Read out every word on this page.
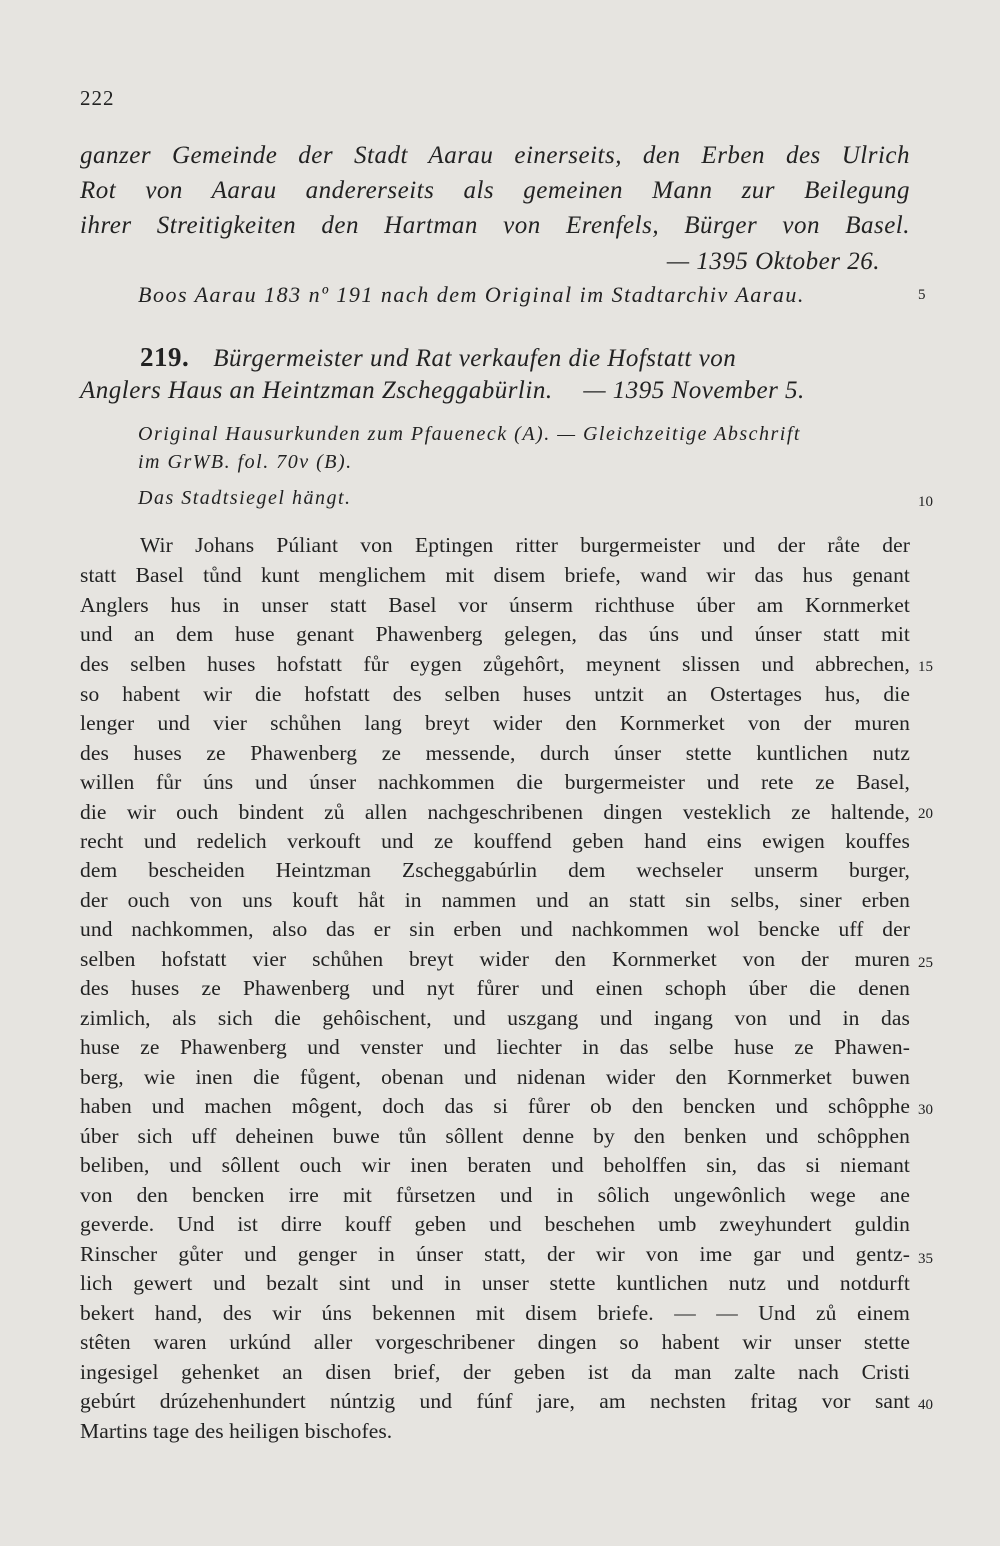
222
ganzer Gemeinde der Stadt Aarau einerseits, den Erben des Ulrich
Rot von Aarau andererseits als gemeinen Mann zur Beilegung
ihrer Streitigkeiten den Hartman von Erenfels, Bürger von Basel.
— 1395 Oktober 26.
Boos Aarau 183 nº 191 nach dem Original im Stadtarchiv Aarau.	5
219. Bürgermeister und Rat verkaufen die Hofstatt von
Anglers Haus an Heintzman Zscheggabürlin. — 1395 November 5.
Original Hausurkunden zum Pfaueneck (A). — Gleichzeitige Abschrift
im GrWB. fol. 70v (B).
Das Stadtsiegel hängt.	10
Wir Johans Púliant von Eptingen ritter burgermeister und der råte der
statt Basel tůnd kunt menglichem mit disem briefe, wand wir das hus genant
Anglers hus in unser statt Basel vor únserm richthuse úber am Kornmerket
und an dem huse genant Phawenberg gelegen, das úns und únser statt mit
des selben huses hofstatt fůr eygen zůgehôrt, meynent slissen und abbrechen, 15
so habent wir die hofstatt des selben huses untzit an Ostertages hus, die
lenger und vier schůhen lang breyt wider den Kornmerket von der muren
des huses ze Phawenberg ze messende, durch únser stette kuntlichen nutz
willen fůr úns und únser nachkommen die burgermeister und rete ze Basel,
die wir ouch bindent zů allen nachgeschribenen dingen vesteklich ze haltende, 20
recht und redelich verkouft und ze kouffend geben hand eins ewigen kouffes
dem bescheiden Heintzman Zscheggabúrlin dem wechseler unserm burger,
der ouch von uns kouft håt in nammen und an statt sin selbs, siner erben
und nachkommen, also das er sin erben und nachkommen wol bencke uff der
selben hofstatt vier schůhen breyt wider den Kornmerket von der muren 25
des huses ze Phawenberg und nyt fůrer und einen schoph úber die denen
zimlich, als sich die gehôischent, und uszgang und ingang von und in das
huse ze Phawenberg und venster und liechter in das selbe huse ze Phawen-
berg, wie inen die fůgent, obenan und nidenan wider den Kornmerket buwen
haben und machen môgent, doch das si fůrer ob den bencken und schôpphe 30
úber sich uff deheinen buwe tůn sôllent denne by den benken und schôpphen
beliben, und sôllent ouch wir inen beraten und beholffen sin, das si niemant
von den bencken irre mit fůrsetzen und in sôlich ungewônlich wege ane
geverde. Und ist dirre kouff geben und beschehen umb zweyhundert guldin
Rinscher gůter und genger in únser statt, der wir von ime gar und gentz- 35
lich gewert und bezalt sint und in unser stette kuntlichen nutz und notdurft
bekert hand, des wir úns bekennen mit disem briefe. — — Und zů einem
stêten waren urkúnd aller vorgeschribener dingen so habent wir unser stette
ingesigel gehenket an disen brief, der geben ist da man zalte nach Cristi
gebúrt drúzehenhundert núntzig und fúnf jare, am nechsten fritag vor sant 40
Martins tage des heiligen bischofes.
